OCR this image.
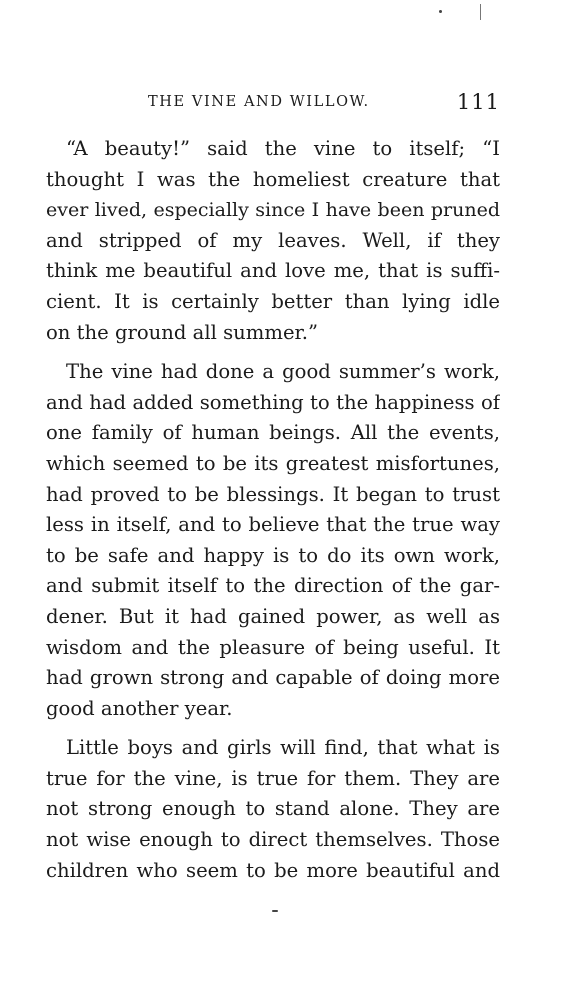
THE VINE AND WILLOW.	111
“A beauty!” said the vine to itself; “I
thought I was the homeliest creature that
ever lived, especially since I have been pruned
and stripped of my leaves. Well, if they
think me beautiful and love me, that is suffi-
cient. It is certainly better than lying idle
on the ground all summer.”
The vine had done a good summer’s work,
and had added something to the happiness of
one family of human beings. All the events,
which seemed to be its greatest misfortunes,
had proved to be blessings. It began to trust
less in itself, and to believe that the true way
to be safe and happy is to do its own work,
and submit itself to the direction of the gar-
dener. But it had gained power, as well as
wisdom and the pleasure of being useful. It
had grown strong and capable of doing more
good another year.
Little boys and girls will find, that what is
true for the vine, is true for them. They are
not strong enough to stand alone. They are
not wise enough to direct themselves. Those
children who seem to be more beautiful and
